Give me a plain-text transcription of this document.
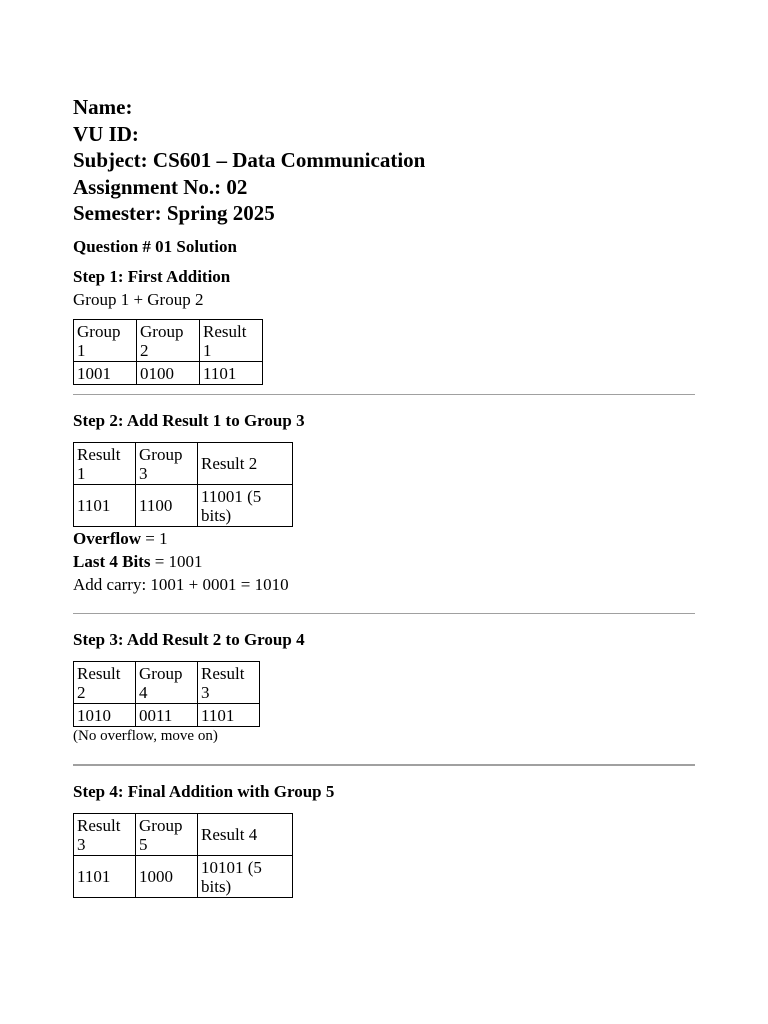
Name:
VU ID:
Subject: CS601 – Data Communication
Assignment No.: 02
Semester: Spring 2025
Question # 01 Solution
Step 1: First Addition
Group 1 + Group 2
Group 1	Group 2	Result 1
1001	0100	1101
Step 2: Add Result 1 to Group 3
Result 1	Group 3	Result 2
1101	1100	11001 (5 bits)
Overflow = 1
Last 4 Bits = 1001
Add carry: 1001 + 0001 = 1010
Step 3: Add Result 2 to Group 4
Result 2	Group 4	Result 3
1010	0011	1101
(No overflow, move on)
Step 4: Final Addition with Group 5
Result 3	Group 5	Result 4
1101	1000	10101 (5 bits)
